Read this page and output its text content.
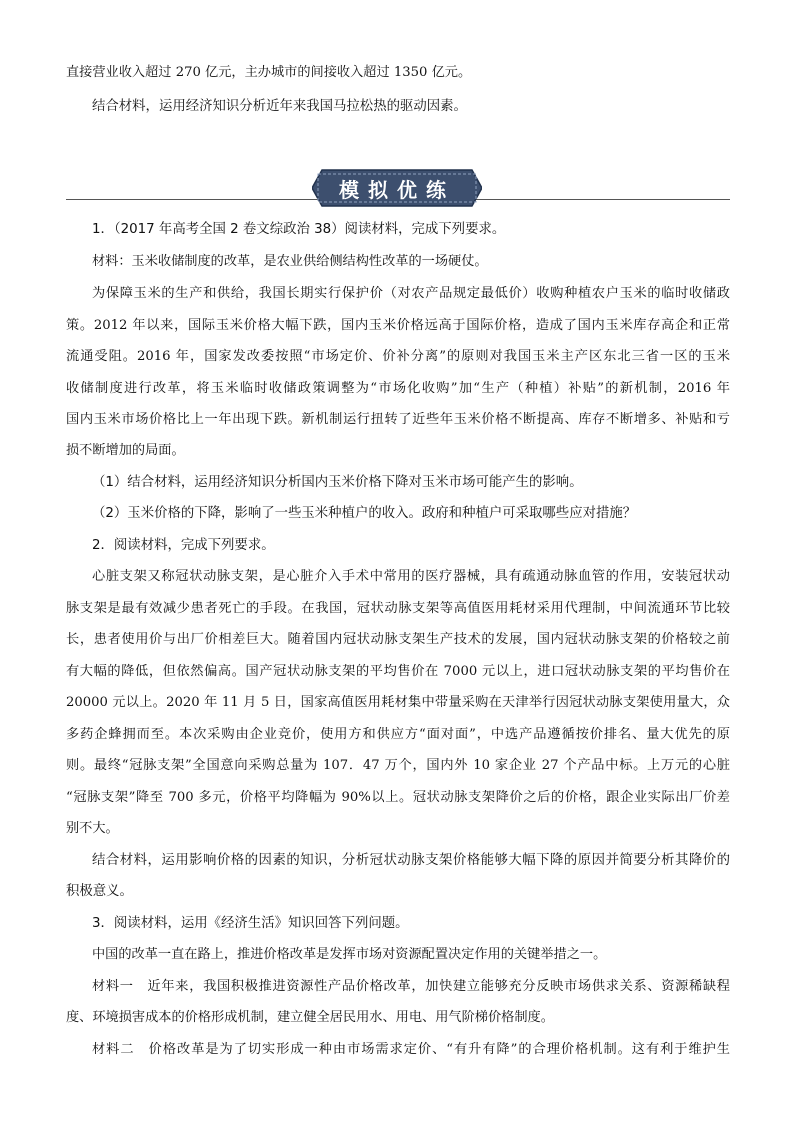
直接营业收入超过 270 亿元，主办城市的间接收入超过 1350 亿元。
结合材料，运用经济知识分析近年来我国马拉松热的驱动因素。
模拟优练
1．（2017 年高考全国 2 卷文综政治 38）阅读材料，完成下列要求。
材料：玉米收储制度的改革，是农业供给侧结构性改革的一场硬仗。
为保障玉米的生产和供给，我国长期实行保护价（对农产品规定最低价）收购种植农户玉米的临时收储政
策。2012 年以来，国际玉米价格大幅下跌，国内玉米价格远高于国际价格，造成了国内玉米库存高企和正常
流通受阻。2016 年，国家发改委按照“市场定价、价补分离”的原则对我国玉米主产区东北三省一区的玉米
收储制度进行改革，将玉米临时收储政策调整为“市场化收购”加“生产（种植）补贴”的新机制，2016 年
国内玉米市场价格比上一年出现下跌。新机制运行扭转了近些年玉米价格不断提高、库存不断增多、补贴和亏
损不断增加的局面。
（1）结合材料，运用经济知识分析国内玉米价格下降对玉米市场可能产生的影响。
（2）玉米价格的下降，影响了一些玉米种植户的收入。政府和种植户可采取哪些应对措施？
2．阅读材料，完成下列要求。
心脏支架又称冠状动脉支架，是心脏介入手术中常用的医疗器械，具有疏通动脉血管的作用，安装冠状动
脉支架是最有效减少患者死亡的手段。在我国，冠状动脉支架等高值医用耗材采用代理制，中间流通环节比较
长，患者使用价与出厂价相差巨大。随着国内冠状动脉支架生产技术的发展，国内冠状动脉支架的价格较之前
有大幅的降低，但依然偏高。国产冠状动脉支架的平均售价在 7000 元以上，进口冠状动脉支架的平均售价在
20000 元以上。2020 年 11 月 5 日，国家高值医用耗材集中带量采购在天津举行因冠状动脉支架使用量大，众
多药企蜂拥而至。本次采购由企业竞价，使用方和供应方“面对面”，中选产品遵循按价排名、量大优先的原
则。最终“冠脉支架”全国意向采购总量为 107．47 万个，国内外 10 家企业 27 个产品中标。上万元的心脏
“冠脉支架”降至 700 多元，价格平均降幅为 90%以上。冠状动脉支架降价之后的价格，跟企业实际出厂价差
别不大。
结合材料，运用影响价格的因素的知识，分析冠状动脉支架价格能够大幅下降的原因并简要分析其降价的
积极意义。
3．阅读材料，运用《经济生活》知识回答下列问题。
中国的改革一直在路上，推进价格改革是发挥市场对资源配置决定作用的关键举措之一。
材料一　近年来，我国积极推进资源性产品价格改革，加快建立能够充分反映市场供求关系、资源稀缺程
度、环境损害成本的价格形成机制，建立健全居民用水、用电、用气阶梯价格制度。
材料二　价格改革是为了切实形成一种由市场需求定价、“有升有降”的合理价格机制。这有利于维护生
